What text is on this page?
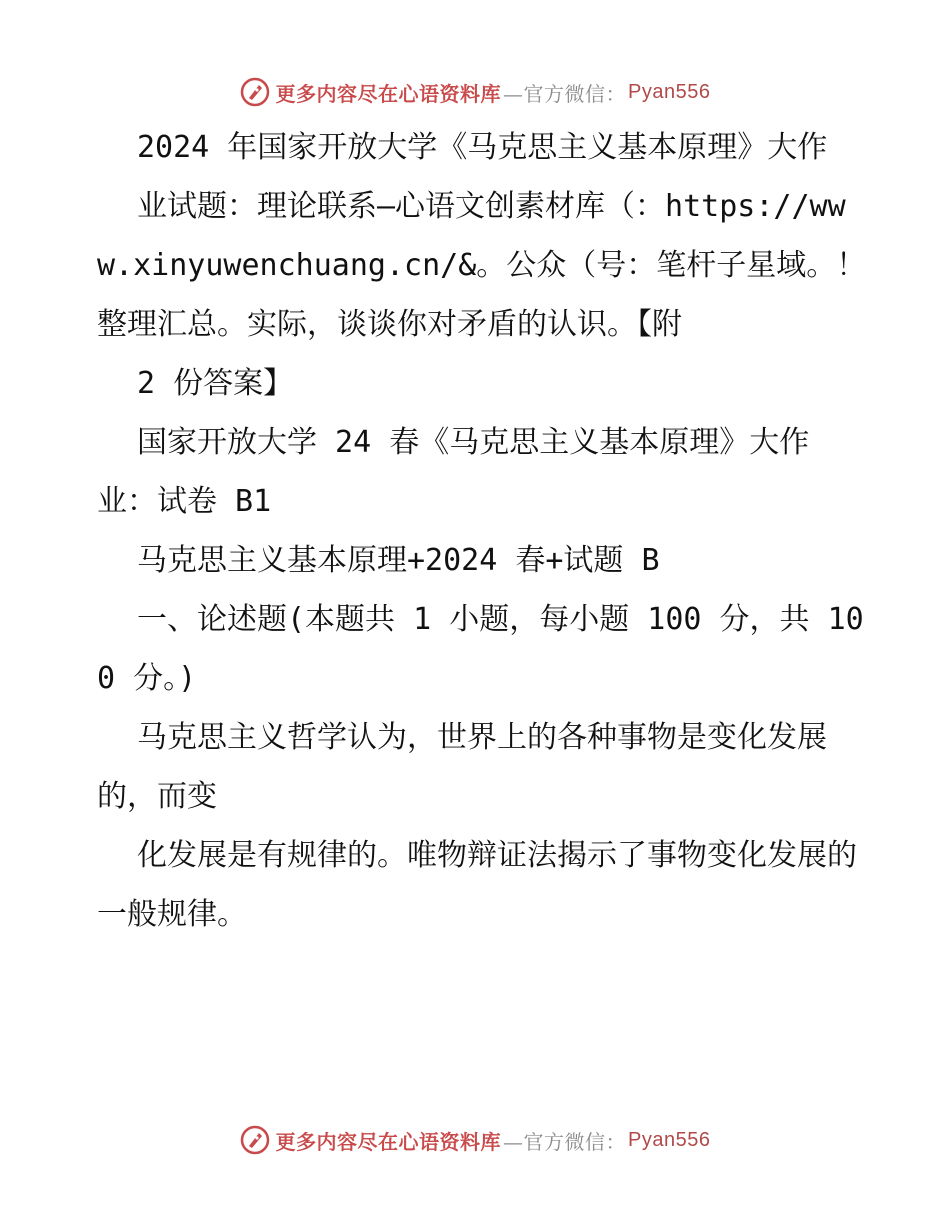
更多内容尽在心语资料库 —官方微信： Pyan556

2024 年国家开放大学《马克思主义基本原理》大作

业试题：理论联系—心语文创素材库（：https://www.xinyuwenchuang.cn/&。公众（号：笔杆子星域。！整理汇总。实际，谈谈你对矛盾的认识。【附

2 份答案】

国家开放大学 24 春《马克思主义基本原理》大作业：试卷 B1

马克思主义基本原理+2024 春+试题 B

一、论述题(本题共 1 小题，每小题 100 分，共 100 分。)

马克思主义哲学认为，世界上的各种事物是变化发展的，而变

化发展是有规律的。唯物辩证法揭示了事物变化发展的一般规律。

更多内容尽在心语资料库 —官方微信： Pyan556
